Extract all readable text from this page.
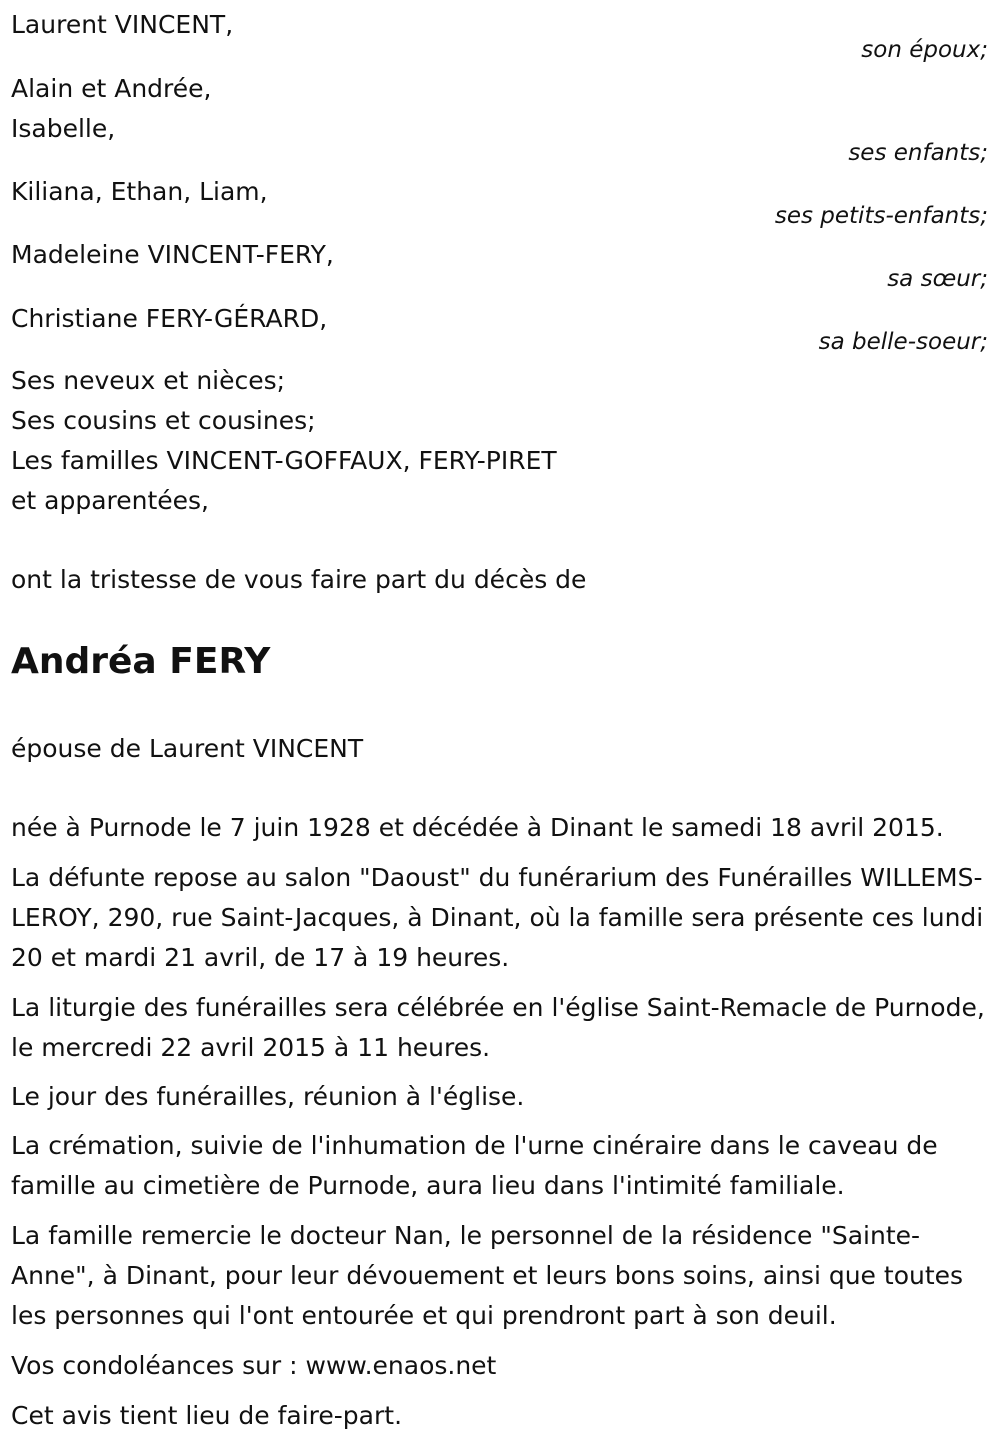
Laurent VINCENT,
son époux;
Alain et Andrée,
Isabelle,
ses enfants;
Kiliana, Ethan, Liam,
ses petits-enfants;
Madeleine VINCENT-FERY,
sa sœur;
Christiane FERY-GÉRARD,
sa belle-soeur;
Ses neveux et nièces;
Ses cousins et cousines;
Les familles VINCENT-GOFFAUX, FERY-PIRET
et apparentées,
ont la tristesse de vous faire part du décès de
Andréa FERY
épouse de Laurent VINCENT

née à Purnode le 7 juin 1928 et décédée à Dinant le samedi 18 avril 2015.

La défunte repose au salon "Daoust" du funérarium des Funérailles WILLEMS-LEROY, 290, rue Saint-Jacques, à Dinant, où la famille sera présente ces lundi 20 et mardi 21 avril, de 17 à 19 heures.

La liturgie des funérailles sera célébrée en l'église Saint-Remacle de Purnode, le mercredi 22 avril 2015 à 11 heures.

Le jour des funérailles, réunion à l'église.

La crémation, suivie de l'inhumation de l'urne cinéraire dans le caveau de famille au cimetière de Purnode, aura lieu dans l'intimité familiale.

La famille remercie le docteur Nan, le personnel de la résidence "Sainte-Anne", à Dinant, pour leur dévouement et leurs bons soins, ainsi que toutes les personnes qui l'ont entourée et qui prendront part à son deuil.

Vos condoléances sur : www.enaos.net

Cet avis tient lieu de faire-part.
